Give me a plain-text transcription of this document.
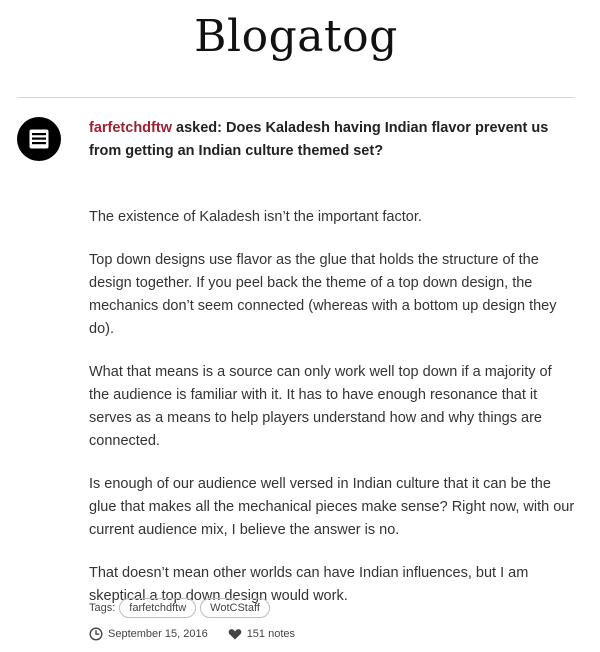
Blogatog

farfetchdftw asked: Does Kaladesh having Indian flavor prevent us from getting an Indian culture themed set?

The existence of Kaladesh isn’t the important factor.

Top down designs use flavor as the glue that holds the structure of the design together. If you peel back the theme of a top down design, the mechanics don’t seem connected (whereas with a bottom up design they do).

What that means is a source can only work well top down if a majority of the audience is familiar with it. It has to have enough resonance that it serves as a means to help players understand how and why things are connected.

Is enough of our audience well versed in Indian culture that it can be the glue that makes all the mechanical pieces make sense? Right now, with our current audience mix, I believe the answer is no.

That doesn’t mean other worlds can have Indian influences, but I am skeptical a top down design would work.

Tags:	farfetchdftw	WotCStaff
September 15, 2016	151 notes
